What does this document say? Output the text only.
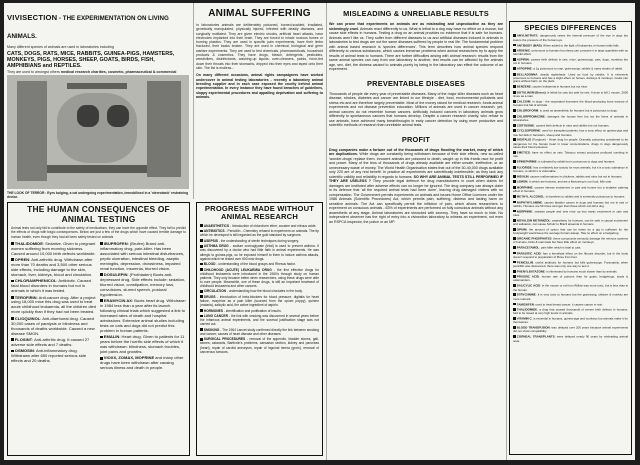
VIVISECTION - THE EXPERIMENTATION ON LIVING ANIMALS.
Many different species of animals are used in laboratories including
CATS, DOGS, RATS, MICE, RABBITS, GUINEA-PIGS, HAMSTERS, MONKEYS, PIGS, HORSES, SHEEP, GOATS, BIRDS, FISH, AMPHIBIANS and REPTILES.
They are used to amongst others medical research charities, cosmetic, pharmaceutical & commercial
THE LOOK OF TERROR : Eyes bulging, a cat undergoing experimentation, immobilised in a 'stereotaxic' restraining device.
ANIMAL SUFFERING
In laboratories animals are deliberately poisoned, burned,scalded, irradiated, genetically manipulated, physically injured, infected with deadly diseases, and surgically mutilated. They are given electric shocks, artificial heart attacks, have electrodes implanted into their brain. They are forced to inhale noxious fumes or burning plastics. They are used in specific pain experiments, have their limbs fractured, their backs broken. They are used in chemical, biological and germ warfare experiments. They are used to test chemicals, pharmaceuticals, household products & cosmetics. They have drugs, bleach, detergents, pesticides, weedkillers, disinfectants, washing-up liquids, oven-cleaners, paints, force-fed down their throats into their stomachs, dripped into their eyes and taped onto their skin. The list is endless...
On many different occasions, animal rights campaigners have worked undercover in animal testing laboratories - recently a laboratory animal breeding supplier and in each case exposed the cruelty behind animal experimentation. In every instance they have found breaches of guidelines, sloppy experimental procedures and appalling deprivation and suffering to animals.
MISLEADING & UNRELIABLE RESULTS
We can prove that experiments on animals are as misleading and unproductive as they are sickeningly cruel. Animals react differently to us. What is lethal to a dog may have no effect on a mouse, but cause side effects in humans. Testing a drug on an animal provides no evidence that it is safe for humans. Animals aren't like us. They suffer from different diseases to us and artificial diseases induced in animals in laboratories to test drugs are not the same diseases suffered by people in real life. The fundamental problem with animal based research is 'species differences'. This term describes how animal species respond differently to various substances, which causes immense problems when animal researchers try to apply the results of animal tests to humans. There are further difficulties arising with animal research: results from the same animal species can vary from one laboratory to another, test results can be affected by the animals age, sex, diet, the distress caused to animals purely by being in the laboratory can effect the outcome of an experiment.
PREVENTABLE DISEASES
Thousands of people die every year of preventable diseases. Many of the major killer diseases such as heart disease, strokes, diabetes and cancer are linked to our lifestyle - diet, food, environmental pollutants and stress etc and are therefore largely preventable. Most of the money raised for medical research, funds animal experiments and not disease prevention education. Millions of animals are used in cancer research, yet, animal cancers do not resemble human cancers. Artificially induced cancers in laboratory animals grow differently to spontaneous cancers that humans develop. Despite a cancer research charity, who refuse to use animals, have achieved many breakthroughs in early cancer detection by using more productive and scientific methods of research than unreliable animal tests.
PROFIT
Drug companies make a fortune out of the thousands of drugs flooding the market, many of which are duplications. While drugs are constantly being withdrawn because of their side effects, new so-called 'wonder-drugs' replace them. Innocent animals are poisoned to death, caught up in this frantic race for profit and power. Many of the tens of thousands of drugs already available are either unsafe, ineffective, or an unnecessary waste of money. The World Health Organisation states that out of the 30-40,000 drugs available only 220 are of any real benefit. In practice all experiments are scientifically indefensible, as they lack any scientific validity and reliability in regards to humans. SO WHY ARE ANIMAL TESTS STILL PERFORMED IF THEY ARE USELESS ? They provide legal defence for drug manufacturers in court when claims for damages are instituted after adverse effects can no longer be ignored. The drug company can always claim in its defence that 'all the required animal tests had been done', leaving drug damaged victims with no compensation. The Government permits experiments on animals and issues Home Office Licences under the 1986 Animals (Scientific Procedures) Act, which permits pain, suffering, distress and lasting harm on sensitive animals. The Act can specifically permit the infliction of pain, which allows researchers to experiment on conscious animals - 63% of experiments are performed on fully conscious animals without any anaesthetic at any stage. Animal laboratories are shrouded with secrecy. They have so much to hide. No independent observer has the right of entry into a vivisection laboratory to witness an experiment, not even an RSPCA inspector, the police or an MP.
SPECIES DIFFERENCES
AMYLNITRATE: dangerously raises the internal pressure of the eye in dogs but lowers the pressure of the human eye.
ANTIBODY (MAB): When added to the fight of leukaemia, in human trials fails.
ARSENIC: poisonous to humans but sheep can consume it in large quantities with no harmful effect.
ASPIRIN: causes birth defects in rats, mice, guinea-pigs, cats, dogs, monkeys but not in humans.
ATROPINE: a 1g poisonous to man, guinea-pigs, rabbits & many strains of rabbit.
BELLADONNA: deadly nightshade. Used as food by rabbits. It is extremely poisonous to humans and has a slight effect on horses, donkeys & monkeys. Goats can graze without harm on the plant.
BENZENE: causes leukaemia in humans but not mice.
BOTULINUM (Botox): is lethal for cats but safe for rats. A dose to kill 1 mouse, 2000 times as a man.
CALCIUM: in dogs - the vaccinated increases the blood-producing bone marrow of humans but fail of animals.
CHLOROFORM: is used as anaesthetic for humans but is poisonous to dogs.
CHLORPROMAZINE: damages the human liver but not the livers of animals in laboratories.
CORTISONE: causes birth defects in mice and rabbits but not humans.
CYCLOSPORINE: used for transplant patients, has a toxic effect on guinea-pigs and rats but fails in hamsters, sheep and humans.
DIGITALIS (Foxglove) - Heart drug for people. Dramatic poisoning considered to be dangerous for the human heart in lower concentrations, drugs in dogs dangerously raises their blood pressure.
EMETICS: have no effect on rats. Tobacco extract produces profound vomiting in rats.
EPINEPHRINE: is tolerated by rabbit but is poisonous to dogs and humans.
FLUORIDE: has a relatively low toxicity for most animals, but it is a toxic substance in humans, to which it is vulnerable.
INSULIN: causes malformations in chickens, rabbits and mice but not in humans.
LEMON: in which are humans, and are a flavouring in our food, kills cats.
MORPHINE: causes intense excitement in cats and horses but a sedative calming effect in humans.
METHYL ALCOHOL: is harmless to rabbits and is extremely poisonous to humans.
NAPHTHYLAMINE: causes bladder cancer in dogs and humans but not in rats or rabbits. Humans are 50 times stronger than those which can kill a dog.
NORPHINE: sedates people and sets mice up into manic excitement in cats and mice.
NOVALGIN METAMIZOL: anaesthetic for humans, can be safe in causal excitement and salivation, can cause Schulz to Brazil anaemia in humans.
OPIUM: the amount of opium that can be eaten by a pig is sufficient for the bodyweight would keep the average human asleep. Has no effect on a hedgehog.
ORGANIC PHOSPHATES: these compounds seriously damage the nervous systems of humans, birds & mammals but have little effect on monkeys.
PARACETAMOL: pain killer which is fatal to cats.
PARASITIC ACID: has a beneficial effect on the fibrosis disorder, but in the body doesn't respond to preparation of fibres from liver.
PENICILLIN: useful antibiotic for humans but kills guinea-pigs. Fortunately, when penicillin was discovered, there was only one way to test it.
PHENYLBUTAZONE: is eliminated by humans much slower than by animals.
PRUSSIC ACID: human rate of poisons than for goats, hedgehogs, toads & salamanders.
SALICYLIC ACID: in the mouse or rat from Willow was more toxic, but is less than in the human.
STRYCHNINE: It is very toxic to humans but the guinea-pig, chicken & monkey are more tolerant.
TAMOXIFEN: used to treat breast cancer, it causes cancer in rats.
THALIDOMIDE: a drug that caused thousands of severe birth defects in humans, had to be dosed at very high levels in animals.
VITAMIN C: is essential in humans, guinea-pigs and monkeys but animals make it for themselves.
BLOOD TRANSFUSION: was delayed over 200 years because animal experiments did not show compatibility.
CORNEAL TRANSPLANTS: were delayed nearly 90 years by misleading animal tests.
THE HUMAN CONSEQUENCES OF ANIMAL TESTING
Animal tests not only fail to contribute to the safety of medications, they can have the opposite effect. They fail to predict the effects of drugs with tragic consequences. Below are just a few of the drugs which have caused terrible damage to human health, even though they had all been safely tested on animals
THALIDOMIDE: Sedative. Given to pregnant women suffering from morning sickness. Caused around 10,000 birth defects worldwide.
OPREN: Anti-arthritic drug. Withdrawn after more than 70 deaths and 3,500 other serious side effects, including damage to the skin, stomach, liver, kidneys, blood and circulation.
CHLORAMPHENICOL: Antibiotic. Caused fatal blood disorders in humans but not in animals in which it was tested.
TEROFIRIN: Anti-cancer drug. After a project using 18,000 mice this drug was used to treat acute childhood leukaemia, all the children died more quickly than if they had not been treated.
CLIOQUINOL: Anti-diarrhoeal drug. Caused 30,000 cases of paralysis or blindness and thousands of deaths worldwide. Caused a new disease SMON.
FLOSINT: Anti-arthritic drug. It caused 27 adverse side effects and 7 deaths.
OSMOSIN: Anti-inflammatory drug. Withdrawn after 650 reported serious side effects and 20 deaths.
IBUPROFEN: (Brufen) Brand anti-inflammatory drug, pain-killer. Has been associated with serious intestinal disturbances, peptic ulceration, intestinal bleeding, aseptic meningitis, depression, drowsiness, impaired renal function, insomnia, blurred vision.
DOSULEPIN: (Prothiaden) Boots anti-depressant drug. Side effects include: sedation, blurred vision, constipation, memory loss, convulsions, slurred speech, postural hypotension.
ERAMYCIN AX: Boots heart drug. Withdrawn in 1984 less than a year after its launch following clinical trials which suggested a link to increased rates of death and hospital admissions. Extensive animal studies including tests on cats and dogs did not predict this problem in human patients.
EMALIN: Heart drug. Given to patients for 11 years before the horrific side effects of which it was withdrawn: blindness, stomach troubles, joint pains and growths.
VIOXX, ZOMAX, MOPRINE and many other drugs have been withdrawn after causing serious illness and death in people.
PROGRESS MADE WITHOUT ANIMAL RESEARCH
ANAESTHETICS - Introduction of chloroform ether, cocaine and nitrous oxide.
ANTIBIOTICS - Penicillin - Chemistry refused to experiment on animals. The tip which he developed is still regarded as the gold standard by surgeons.
ASEPSIS - the understanding of sterile techniques during surgery.
ASTHMA DRUG - sodium cromoglycate (Intal) is used to prevent asthma. It was discovered by a doctor who had little faith in animal experiments. He was allergic to guinea-pigs, so he exposed himself to them to induce asthma attacks, against which he tested over 600 new drugs.
BLOOD - understanding of the blood groups and Rhesus factor.
CHILDHOOD (ACUTE) LEUKAEMIA DRUG - the first effective drugs for childhood leukaemia were introduced in the 1960's through study on human patients. They only became better when researchers, using these drugs were able to cure people. Meanwhile, one of these drugs, is still an important treatment of childhood leukaemia and other cancers.
CIRCULATION - understanding how the blood circulates in the body.
DRUGS - introduction of beta-blockers for blood pressure, digitalis for heart failure, morphine as a pain killer (sourced from the opium poppy), quinine (malaria), salicylic acid, the active ingredient of aspirin.
HORMONES - identification and purification of insulin.
LUNG CANCER - the link with smoking was discovered in several years before the infamous animal experiments, and the survival justification stage was not carried out.
SMOKING - The 1964 Lancet study confirmed directly the link between smoking and cancer; causes of heart disease and other diseases.
SURGICAL PROCEDURES - removal of the appendix, bladder stones, gall-stones; cataracts, Bartholin's problems, caesarian section, kidney and pancreas (heart), repair of carotid aneurysm, repair of inguinal hernia (groin), removal of cancerous tumours.
